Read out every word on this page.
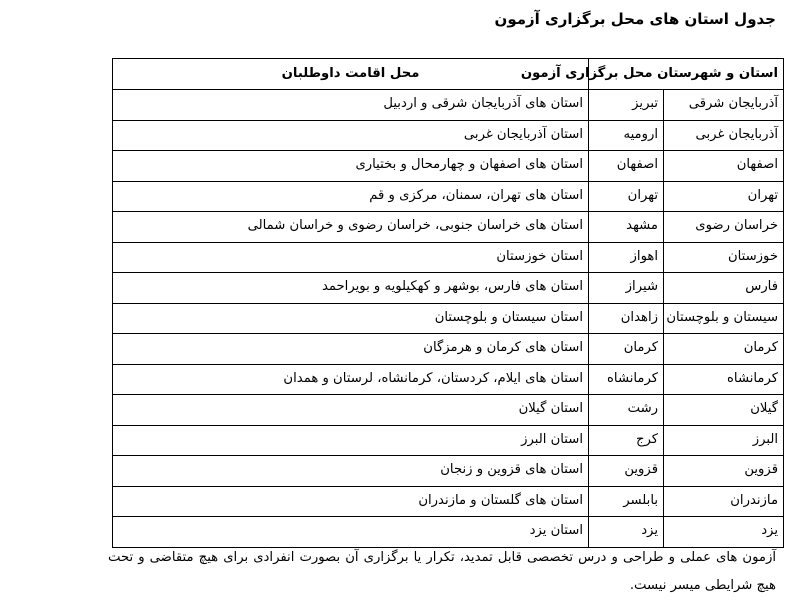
جدول استان های محل برگزاری آزمون
استان و شهرستان محل برگزاری آزمون		محل اقامت داوطلبان
آذربایجان شرقی	تبریز	استان های آذربایجان شرقی و اردبیل
آذربایجان غربی	ارومیه	استان آذربایجان غربی
اصفهان	اصفهان	استان های اصفهان و چهارمحال و بختیاری
تهران	تهران	استان های تهران، سمنان، مرکزی و قم
خراسان رضوی	مشهد	استان های خراسان جنوبی، خراسان رضوی و خراسان شمالی
خوزستان	اهواز	استان خوزستان
فارس	شیراز	استان های فارس، بوشهر و کهکیلویه و بویراحمد
سیستان و بلوچستان	زاهدان	استان سیستان و بلوچستان
کرمان	کرمان	استان های کرمان و هرمزگان
کرمانشاه	کرمانشاه	استان های ایلام، کردستان، کرمانشاه، لرستان و همدان
گیلان	رشت	استان گیلان
البرز	کرج	استان البرز
قزوین	قزوین	استان های قزوین و زنجان
مازندران	بابلسر	استان های گلستان و مازندران
یزد	یزد	استان یزد

آزمون های عملی و طراحی و درس تخصصی قابل تمدید، تکرار یا برگزاری آن بصورت انفرادی برای هیچ متقاضی و تحت هیچ شرایطی میسر نیست.
